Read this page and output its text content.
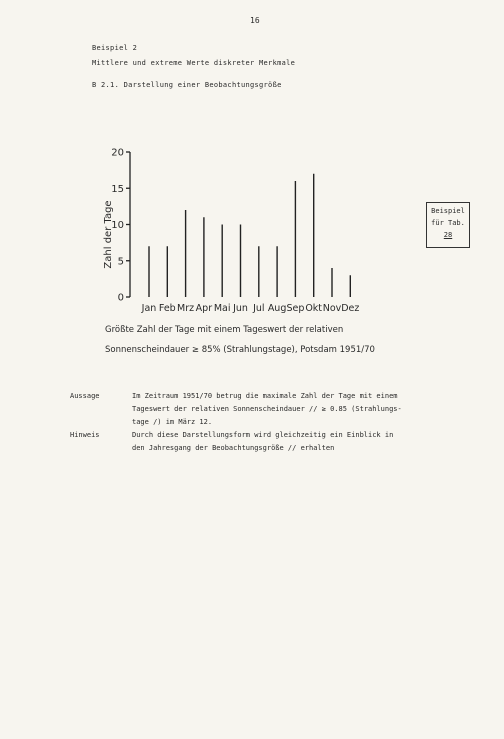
16
Beispiel 2
Mittlere und extreme Werte diskreter Merkmale
B 2.1. Darstellung einer Beobachtungsgröße
0
5
10
15
20
Zahl der Tage
Jan Feb Mrz Apr Mai Jun Jul Aug Sep Okt Nov Dez
Beispiel
für Tab.
28
Größte Zahl der Tage mit einem Tageswert der relativen
Sonnenscheindauer ≥ 85% (Strahlungstage), Potsdam 1951/70
Aussage	Im Zeitraum 1951/70 betrug die maximale Zahl der Tage mit einem
Tageswert der relativen Sonnenscheindauer // ≥ 0.85 (Strahlungs-
tage /) im März 12.
Hinweis	Durch diese Darstellungsform wird gleichzeitig ein Einblick in
den Jahresgang der Beobachtungsgröße // erhalten
